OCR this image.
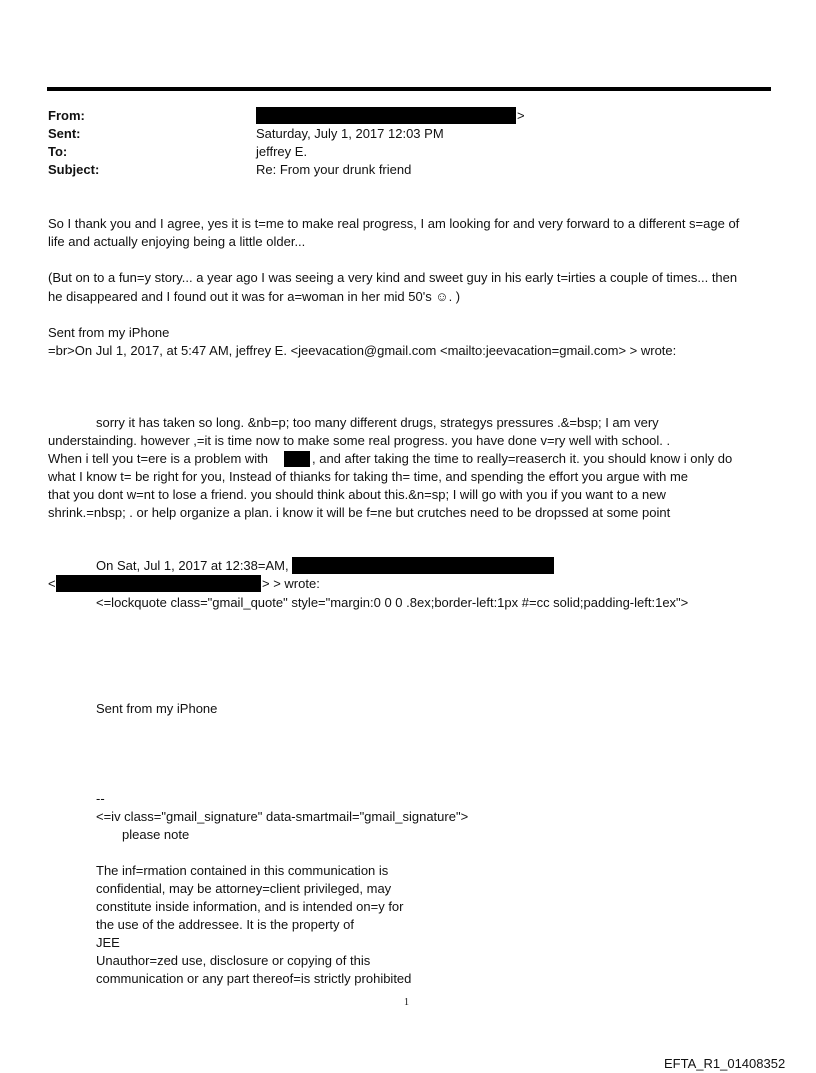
From:	>
Sent:	Saturday, July 1, 2017 12:03 PM
To:	jeffrey E.
Subject:	Re: From your drunk friend
So I thank you and I agree, yes it is t=me to make real progress, I am looking for and very forward to a different s=age of
life and actually enjoying being a little older...
(But on to a fun=y story... a year ago I was seeing a very kind and sweet guy in his early t=irties a couple of times... then
he disappeared and I found out it was for a=woman in her mid 50's ☺. )
Sent from my iPhone
=br>On Jul 1, 2017, at 5:47 AM, jeffrey E. <jeevacation@gmail.com <mailto:jeevacation=gmail.com> > wrote:
sorry it has taken so long. &nb=p; too many different drugs, strategys pressures .&=bsp; I am very
understainding. however ,=it is time now to make some real progress. you have done v=ry well with school. .
When i tell you t=ere is a problem with	, and after taking the time to really=reaserch it. you should know i only do
what I know t= be right for you, Instead of thianks for taking th= time, and spending the effort you argue with me
that you dont w=nt to lose a friend. you should think about this.&n=sp; I will go with you if you want to a new
shrink.=nbsp; . or help organize a plan. i know it will be f=ne but crutches need to be dropssed at some point
On Sat, Jul 1, 2017 at 12:38=AM,
<	> > wrote:
<=lockquote class="gmail_quote" style="margin:0 0 0 .8ex;border-left:1px #=cc solid;padding-left:1ex">
Sent from my iPhone
--
<=iv class="gmail_signature" data-smartmail="gmail_signature">
please note
The inf=rmation contained in this communication is
confidential, may be attorney=client privileged, may
constitute inside information, and is intended on=y for
the use of the addressee. It is the property of
JEE
Unauthor=zed use, disclosure or copying of this
communication or any part thereof=is strictly prohibited
1
EFTA_R1_01408352
